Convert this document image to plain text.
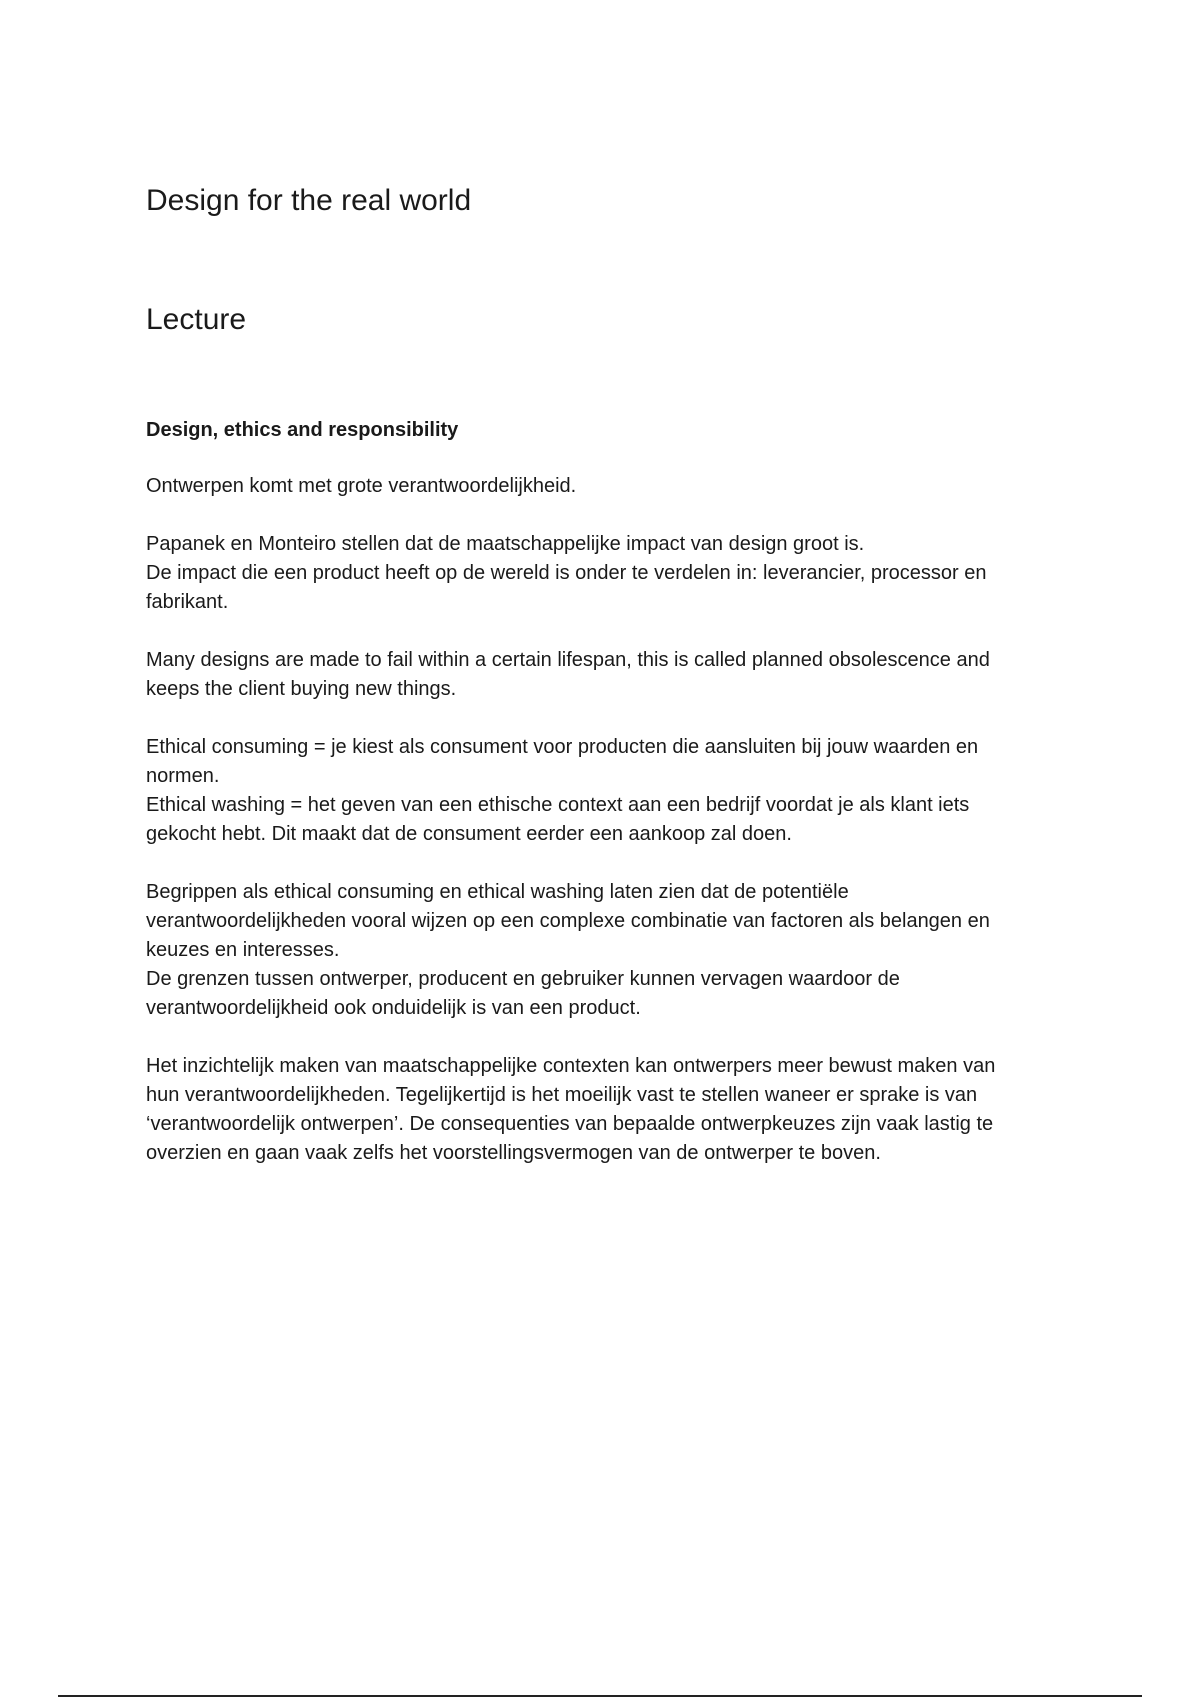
Design for the real world
Lecture
Design, ethics and responsibility

Ontwerpen komt met grote verantwoordelijkheid.

Papanek en Monteiro stellen dat de maatschappelijke impact van design groot is.
De impact die een product heeft op de wereld is onder te verdelen in: leverancier, processor en
fabrikant.

Many designs are made to fail within a certain lifespan, this is called planned obsolescence and
keeps the client buying new things.

Ethical consuming = je kiest als consument voor producten die aansluiten bij jouw waarden en
normen.
Ethical washing = het geven van een ethische context aan een bedrijf voordat je als klant iets
gekocht hebt. Dit maakt dat de consument eerder een aankoop zal doen.

Begrippen als ethical consuming en ethical washing laten zien dat de potentiële
verantwoordelijkheden vooral wijzen op een complexe combinatie van factoren als belangen en
keuzes en interesses.
De grenzen tussen ontwerper, producent en gebruiker kunnen vervagen waardoor de
verantwoordelijkheid ook onduidelijk is van een product.

Het inzichtelijk maken van maatschappelijke contexten kan ontwerpers meer bewust maken van
hun verantwoordelijkheden. Tegelijkertijd is het moeilijk vast te stellen waneer er sprake is van
‘verantwoordelijk ontwerpen’. De consequenties van bepaalde ontwerpkeuzes zijn vaak lastig te
overzien en gaan vaak zelfs het voorstellingsvermogen van de ontwerper te boven.
